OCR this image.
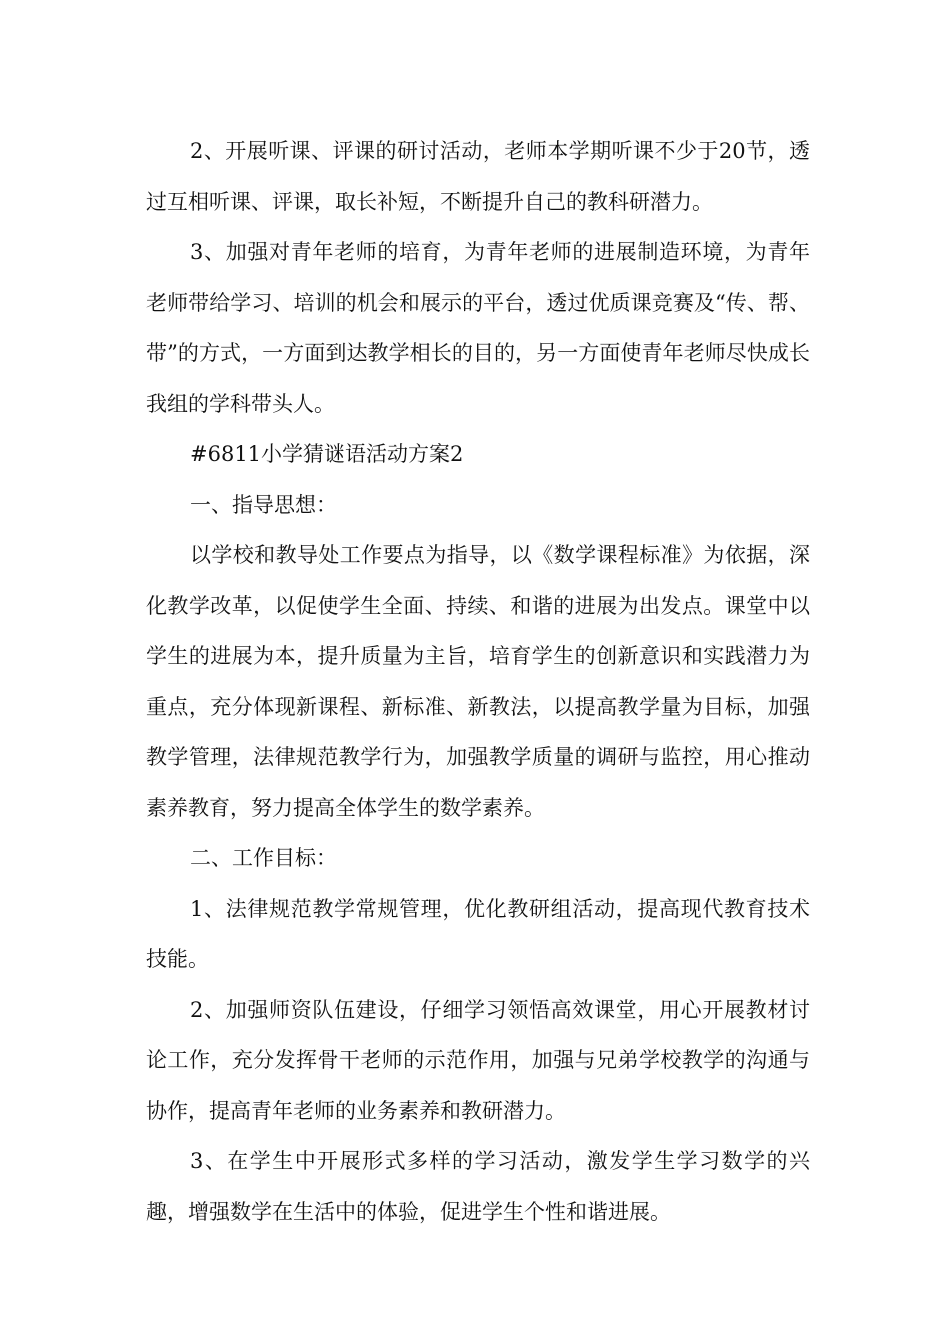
2、开展听课、评课的研讨活动，老师本学期听课不少于20节，透过互相听课、评课，取长补短，不断提升自己的教科研潜力。

3、加强对青年老师的培育，为青年老师的进展制造环境，为青年老师带给学习、培训的机会和展示的平台，透过优质课竞赛及“传、帮、带”的方式，一方面到达教学相长的目的，另一方面使青年老师尽快成长我组的学科带头人。

#6811小学猜谜语活动方案2

一、指导思想：

以学校和教导处工作要点为指导，以《数学课程标准》为依据，深化教学改革，以促使学生全面、持续、和谐的进展为出发点。课堂中以学生的进展为本，提升质量为主旨，培育学生的创新意识和实践潜力为重点，充分体现新课程、新标准、新教法，以提高教学量为目标，加强教学管理，法律规范教学行为，加强教学质量的调研与监控，用心推动素养教育，努力提高全体学生的数学素养。

二、工作目标：

1、法律规范教学常规管理，优化教研组活动，提高现代教育技术技能。

2、加强师资队伍建设，仔细学习领悟高效课堂，用心开展教材讨论工作，充分发挥骨干老师的示范作用，加强与兄弟学校教学的沟通与协作，提高青年老师的业务素养和教研潜力。

3、在学生中开展形式多样的学习活动，激发学生学习数学的兴趣，增强数学在生活中的体验，促进学生个性和谐进展。
